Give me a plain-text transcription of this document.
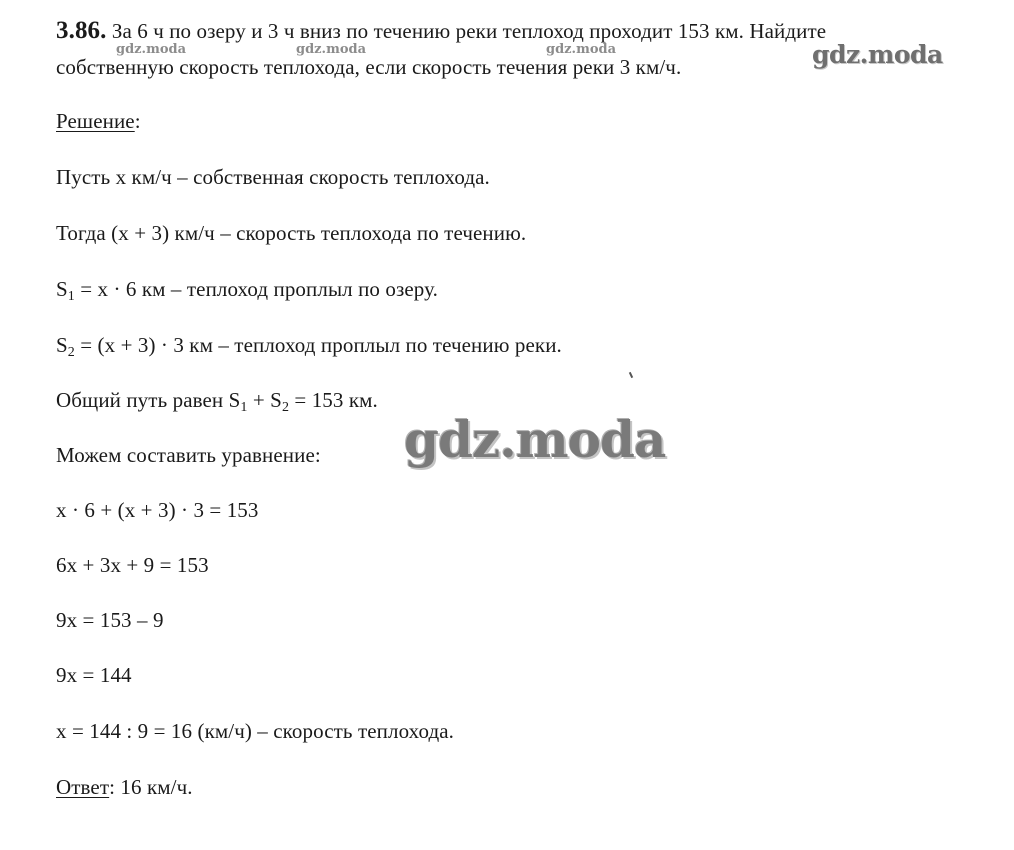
3.86. За 6 ч по озеру и 3 ч вниз по течению реки теплоход проходит 153 км. Найдите
собственную скорость теплохода, если скорость течения реки 3 км/ч.
Решение:
Пусть х км/ч – собственная скорость теплохода.
Тогда (х + 3) км/ч – скорость теплохода по течению.
$S_1 = х \cdot 6$ км – теплоход проплыл по озеру.
$S_2 = (х + 3) \cdot 3$ км – теплоход проплыл по течению реки.
Общий путь равен $S_1 + S_2 = 153$ км.
Можем составить уравнение:
х · 6 + (х + 3) · 3 = 153
6х + 3х + 9 = 153
9х = 153 – 9
9х = 144
х = 144 : 9 = 16 (км/ч) – скорость теплохода.
Ответ: 16 км/ч.
gdz.moda	gdz.moda	gdz.moda	gdz.moda
gdz.moda
